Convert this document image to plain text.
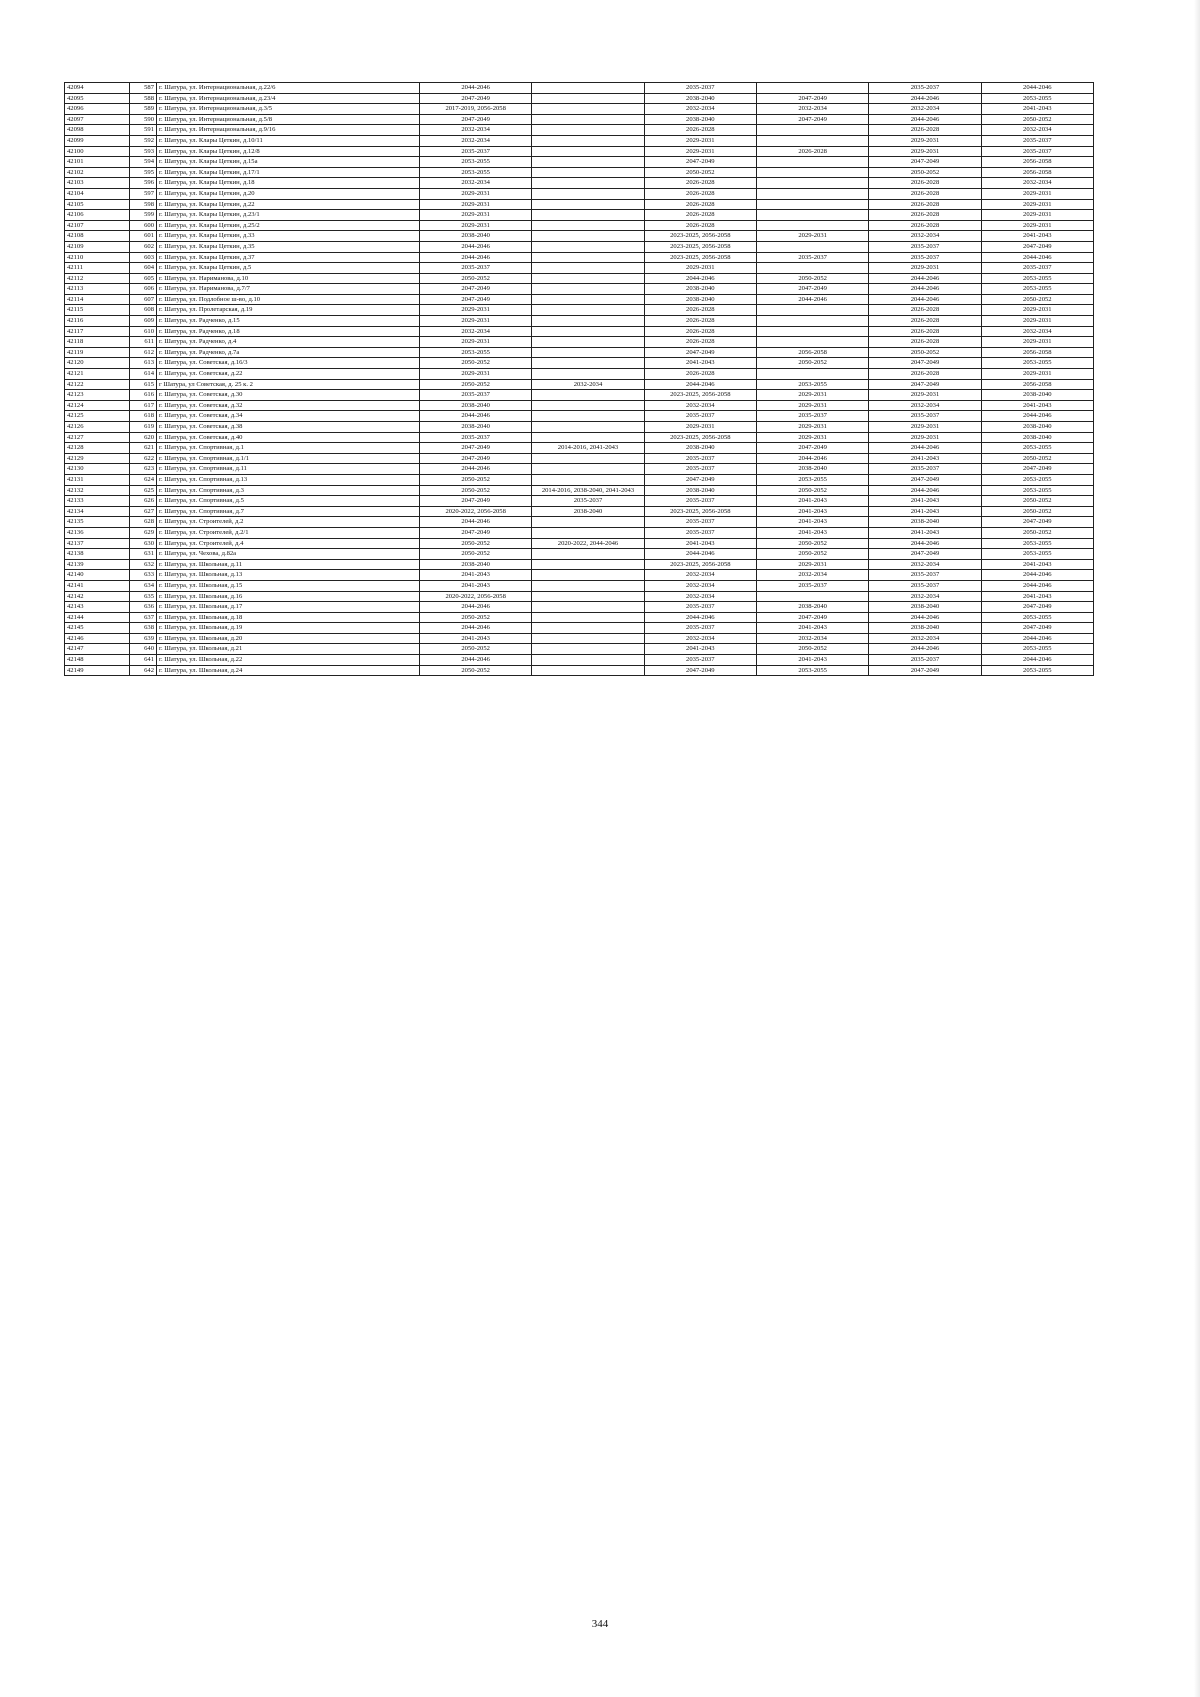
42094	587	г. Шатура, ул. Интернациональная, д.22/6	2044-2046		2035-2037		2035-2037	2044-2046
42095	588	г. Шатура, ул. Интернациональная, д.23/4	2047-2049		2038-2040	2047-2049	2044-2046	2053-2055
42096	589	г. Шатура, ул. Интернациональная, д.3/5	2017-2019, 2056-2058		2032-2034	2032-2034	2032-2034	2041-2043
42097	590	г. Шатура, ул. Интернациональная, д.5/8	2047-2049		2038-2040	2047-2049	2044-2046	2050-2052
42098	591	г. Шатура, ул. Интернациональная, д.9/16	2032-2034		2026-2028		2026-2028	2032-2034
42099	592	г. Шатура, ул. Клары Цеткин, д.10/11	2032-2034		2029-2031		2029-2031	2035-2037
42100	593	г. Шатура, ул. Клары Цеткин, д.12/8	2035-2037		2029-2031	2026-2028	2029-2031	2035-2037
42101	594	г. Шатура, ул. Клары Цеткин, д.15а	2053-2055		2047-2049		2047-2049	2056-2058
42102	595	г. Шатура, ул. Клары Цеткин, д.17/1	2053-2055		2050-2052		2050-2052	2056-2058
42103	596	г. Шатура, ул. Клары Цеткин, д.18	2032-2034		2026-2028		2026-2028	2032-2034
42104	597	г. Шатура, ул. Клары Цеткин, д.20	2029-2031		2026-2028		2026-2028	2029-2031
42105	598	г. Шатура, ул. Клары Цеткин, д.22	2029-2031		2026-2028		2026-2028	2029-2031
42106	599	г. Шатура, ул. Клары Цеткин, д.23/1	2029-2031		2026-2028		2026-2028	2029-2031
42107	600	г. Шатура, ул. Клары Цеткин, д.25/2	2029-2031		2026-2028		2026-2028	2029-2031
42108	601	г. Шатура, ул. Клары Цеткин, д.33	2038-2040		2023-2025, 2056-2058	2029-2031	2032-2034	2041-2043
42109	602	г. Шатура, ул. Клары Цеткин, д.35	2044-2046		2023-2025, 2056-2058		2035-2037	2047-2049
42110	603	г. Шатура, ул. Клары Цеткин, д.37	2044-2046		2023-2025, 2056-2058	2035-2037	2035-2037	2044-2046
42111	604	г. Шатура, ул. Клары Цеткин, д.5	2035-2037		2029-2031		2029-2031	2035-2037
42112	605	г. Шатура, ул. Нариманова, д.10	2050-2052		2044-2046	2050-2052	2044-2046	2053-2055
42113	606	г. Шатура, ул. Нариманова, д.7/7	2047-2049		2038-2040	2047-2049	2044-2046	2053-2055
42114	607	г. Шатура, ул. Подлобное ш-во, д.10	2047-2049		2038-2040	2044-2046	2044-2046	2050-2052
42115	608	г. Шатура, ул. Пролетарская, д.19	2029-2031		2026-2028		2026-2028	2029-2031
42116	609	г. Шатура, ул. Радченко, д.15	2029-2031		2026-2028		2026-2028	2029-2031
42117	610	г. Шатура, ул. Радченко, д.18	2032-2034		2026-2028		2026-2028	2032-2034
42118	611	г. Шатура, ул. Радченко, д.4	2029-2031		2026-2028		2026-2028	2029-2031
42119	612	г. Шатура, ул. Радченко, д.7а	2053-2055		2047-2049	2056-2058	2050-2052	2056-2058
42120	613	г. Шатура, ул. Советская, д.16/3	2050-2052		2041-2043	2050-2052	2047-2049	2053-2055
42121	614	г. Шатура, ул. Советская, д.22	2029-2031		2026-2028		2026-2028	2029-2031
42122	615	г Шатура, ул Советская, д. 25 к. 2	2050-2052	2032-2034	2044-2046	2053-2055	2047-2049	2056-2058
42123	616	г. Шатура, ул. Советская, д.30	2035-2037		2023-2025, 2056-2058	2029-2031	2029-2031	2038-2040
42124	617	г. Шатура, ул. Советская, д.32	2038-2040		2032-2034	2029-2031	2032-2034	2041-2043
42125	618	г. Шатура, ул. Советская, д.34	2044-2046		2035-2037	2035-2037	2035-2037	2044-2046
42126	619	г. Шатура, ул. Советская, д.38	2038-2040		2029-2031	2029-2031	2029-2031	2038-2040
42127	620	г. Шатура, ул. Советская, д.40	2035-2037		2023-2025, 2056-2058	2029-2031	2029-2031	2038-2040
42128	621	г. Шатура, ул. Спортивная, д.1	2047-2049	2014-2016, 2041-2043	2038-2040	2047-2049	2044-2046	2053-2055
42129	622	г. Шатура, ул. Спортивная, д.1/1	2047-2049		2035-2037	2044-2046	2041-2043	2050-2052
42130	623	г. Шатура, ул. Спортивная, д.11	2044-2046		2035-2037	2038-2040	2035-2037	2047-2049
42131	624	г. Шатура, ул. Спортивная, д.13	2050-2052		2047-2049	2053-2055	2047-2049	2053-2055
42132	625	г. Шатура, ул. Спортивная, д.3	2050-2052	2014-2016, 2038-2040, 2041-2043	2038-2040	2050-2052	2044-2046	2053-2055
42133	626	г. Шатура, ул. Спортивная, д.5	2047-2049	2035-2037	2035-2037	2041-2043	2041-2043	2050-2052
42134	627	г. Шатура, ул. Спортивная, д.7	2020-2022, 2056-2058	2038-2040	2023-2025, 2056-2058	2041-2043	2041-2043	2050-2052
42135	628	г. Шатура, ул. Строителей, д.2	2044-2046		2035-2037	2041-2043	2038-2040	2047-2049
42136	629	г. Шатура, ул. Строителей, д.2/1	2047-2049		2035-2037	2041-2043	2041-2043	2050-2052
42137	630	г. Шатура, ул. Строителей, д.4	2050-2052	2020-2022, 2044-2046	2041-2043	2050-2052	2044-2046	2053-2055
42138	631	г. Шатура, ул. Чехова, д.82а	2050-2052		2044-2046	2050-2052	2047-2049	2053-2055
42139	632	г. Шатура, ул. Школьная, д.11	2038-2040		2023-2025, 2056-2058	2029-2031	2032-2034	2041-2043
42140	633	г. Шатура, ул. Школьная, д.13	2041-2043		2032-2034	2032-2034	2035-2037	2044-2046
42141	634	г. Шатура, ул. Школьная, д.15	2041-2043		2032-2034	2035-2037	2035-2037	2044-2046
42142	635	г. Шатура, ул. Школьная, д.16	2020-2022, 2056-2058		2032-2034		2032-2034	2041-2043
42143	636	г. Шатура, ул. Школьная, д.17	2044-2046		2035-2037	2038-2040	2038-2040	2047-2049
42144	637	г. Шатура, ул. Школьная, д.18	2050-2052		2044-2046	2047-2049	2044-2046	2053-2055
42145	638	г. Шатура, ул. Школьная, д.19	2044-2046		2035-2037	2041-2043	2038-2040	2047-2049
42146	639	г. Шатура, ул. Школьная, д.20	2041-2043		2032-2034	2032-2034	2032-2034	2044-2046
42147	640	г. Шатура, ул. Школьная, д.21	2050-2052		2041-2043	2050-2052	2044-2046	2053-2055
42148	641	г. Шатура, ул. Школьная, д.22	2044-2046		2035-2037	2041-2043	2035-2037	2044-2046
42149	642	г. Шатура, ул. Школьная, д.24	2050-2052		2047-2049	2053-2055	2047-2049	2053-2055
344
